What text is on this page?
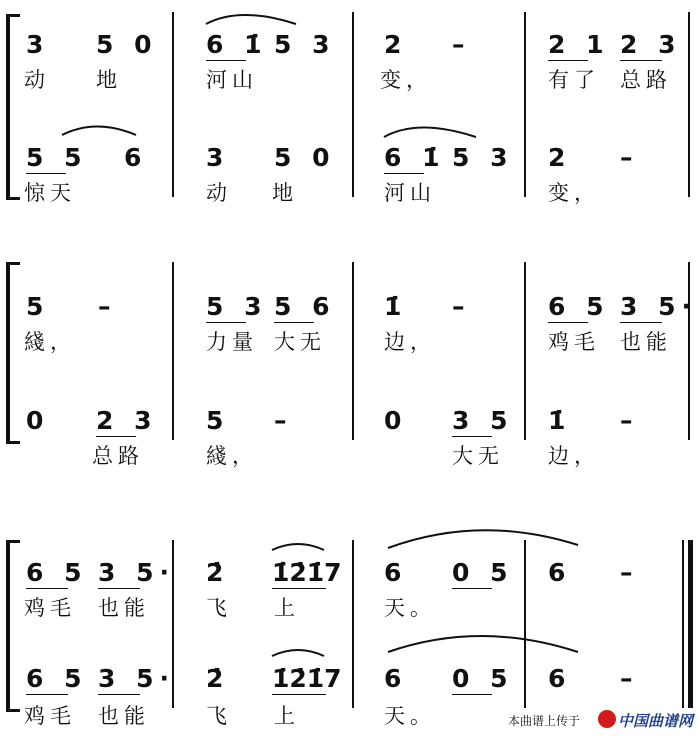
3 5 0 6 1̇ 5 3 2 –	2 1 2 3
动 地	河山	变，	有了 总路
5 5 6 3 5 0 6 1̇ 5 3 2 –
惊天	动 地	河山	变，
5 –	5 3 5 6 1̇ –	6 5 3 5·
綫，	力量 大无	边，	鸡毛 也能
0 2 3 5 –	0 3 5 1̇ –
总路	綫，	大无 边，
6 5 3 5· 2̇ 1̇2̇1̇7 6 0 5 6 –
鸡毛 也能	飞 上	天。
6 5 3 5· 2̇ 1̇2̇1̇7 6 0 5 6 –
鸡毛 也能	飞 上	天。	本曲谱上传于	中国曲谱网
